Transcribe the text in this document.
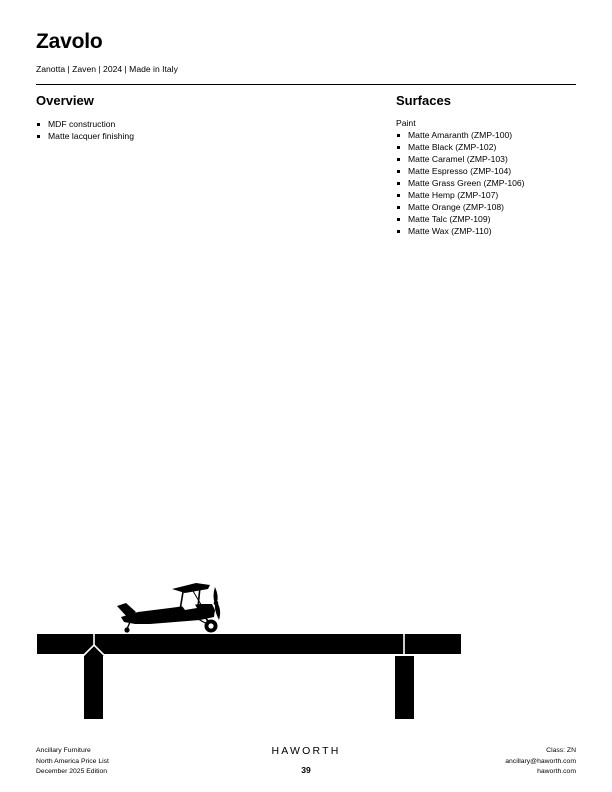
Zavolo
Zanotta | Zaven | 2024 | Made in Italy
Overview
MDF construction
Matte lacquer finishing
Surfaces
Paint
Matte Amaranth (ZMP-100)
Matte Black (ZMP-102)
Matte Caramel (ZMP-103)
Matte Espresso (ZMP-104)
Matte Grass Green (ZMP-106)
Matte Hemp (ZMP-107)
Matte Orange (ZMP-108)
Matte Talc (ZMP-109)
Matte Wax (ZMP-110)
Ancillary Furniture
North America Price List
December 2025 Edition
HAWORTH
39
Class: ZN
ancillary@haworth.com
haworth.com
